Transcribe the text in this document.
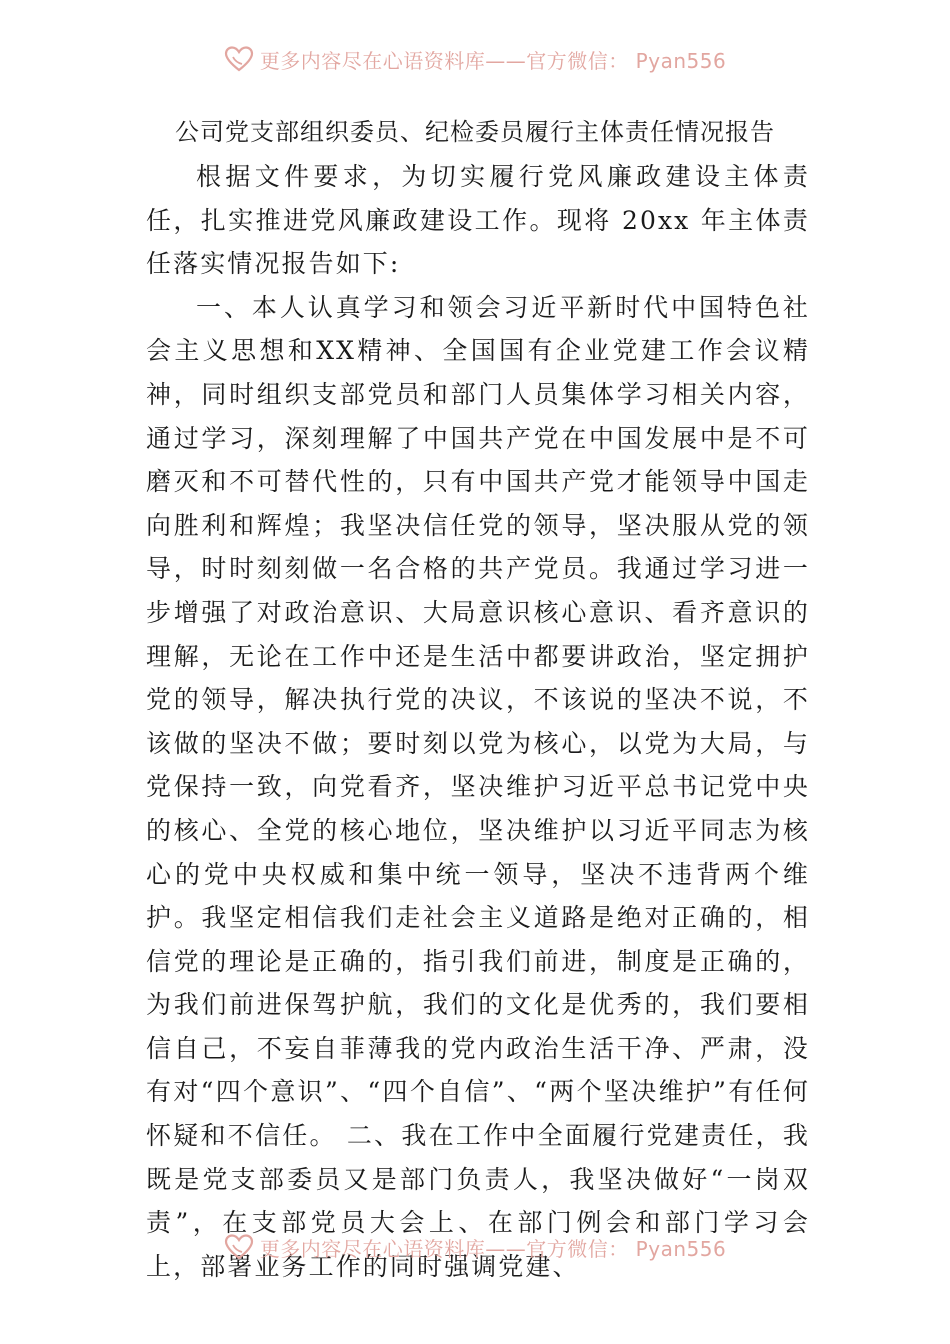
更多内容尽在心语资料库——官方微信： Pyan556
公司党支部组织委员、纪检委员履行主体责任情况报告

根据文件要求，为切实履行党风廉政建设主体责任，扎实推进党风廉政建设工作。现将 20xx 年主体责任落实情况报告如下:

一、本人认真学习和领会习近平新时代中国特色社会主义思想和XX精神、全国国有企业党建工作会议精神，同时组织支部党员和部门人员集体学习相关内容，通过学习，深刻理解了中国共产党在中国发展中是不可磨灭和不可替代性的，只有中国共产党才能领导中国走向胜利和辉煌；我坚决信任党的领导，坚决服从党的领导，时时刻刻做一名合格的共产党员。我通过学习进一步增强了对政治意识、大局意识核心意识、看齐意识的理解，无论在工作中还是生活中都要讲政治，坚定拥护党的领导，解决执行党的决议，不该说的坚决不说，不该做的坚决不做；要时刻以党为核心，以党为大局，与党保持一致，向党看齐，坚决维护习近平总书记党中央的核心、全党的核心地位，坚决维护以习近平同志为核心的党中央权威和集中统一领导，坚决不违背两个维护。我坚定相信我们走社会主义道路是绝对正确的，相信党的理论是正确的，指引我们前进，制度是正确的，为我们前进保驾护航，我们的文化是优秀的，我们要相信自己，不妄自菲薄我的党内政治生活干净、严肃，没有对“四个意识”、“四个自信”、“两个坚决维护”有任何怀疑和不信任。 二、我在工作中全面履行党建责任，我既是党支部委员又是部门负责人，我坚决做好“一岗双责”，在支部党员大会上、在部门例会和部门学习会上，部署业务工作的同时强调党建、

更多内容尽在心语资料库——官方微信： Pyan556
